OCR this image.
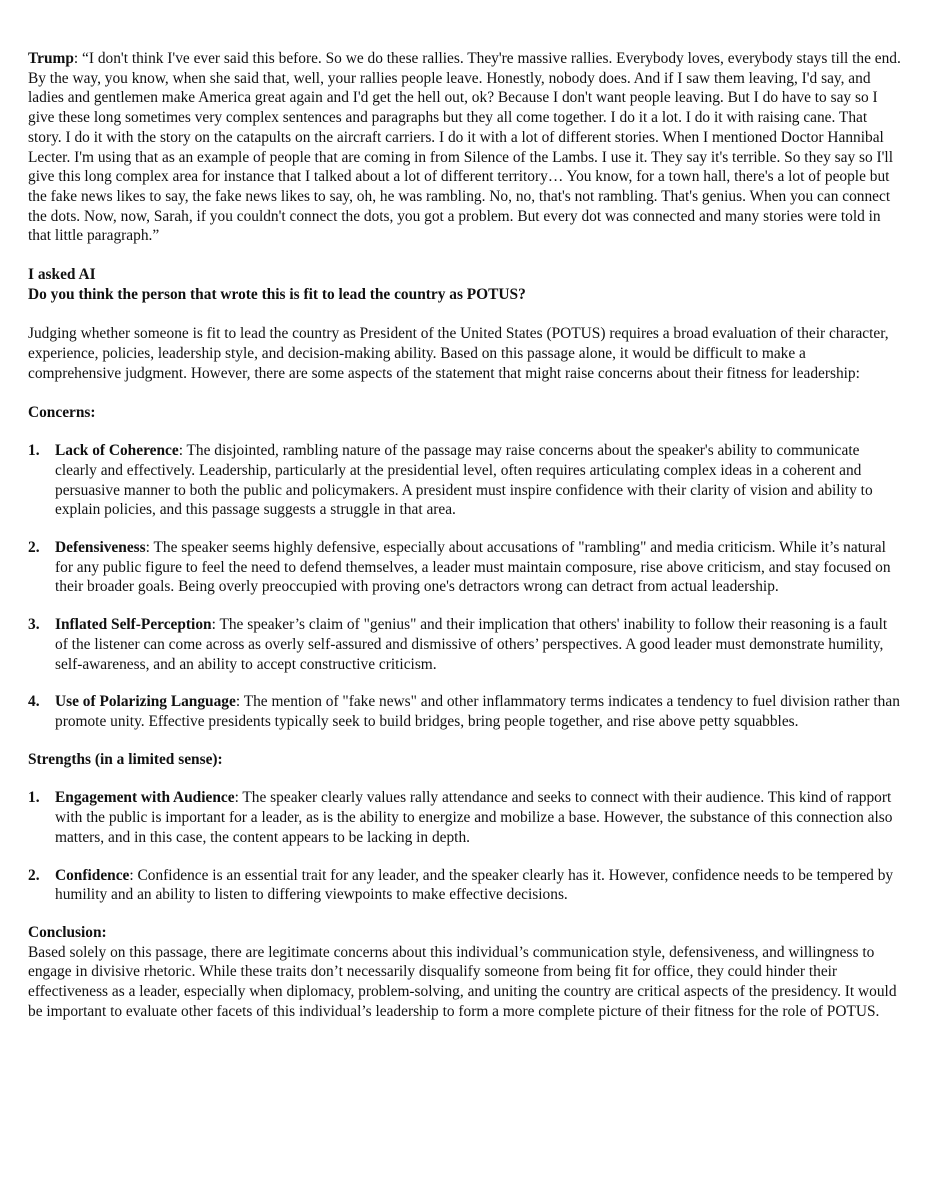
Trump: “I don't think I've ever said this before. So we do these rallies. They're massive rallies. Everybody loves, everybody stays till the end. By the way, you know, when she said that, well, your rallies people leave. Honestly, nobody does. And if I saw them leaving, I'd say, and ladies and gentlemen make America great again and I'd get the hell out, ok? Because I don't want people leaving. But I do have to say so I give these long sometimes very complex sentences and paragraphs but they all come together. I do it a lot. I do it with raising cane. That story. I do it with the story on the catapults on the aircraft carriers. I do it with a lot of different stories. When I mentioned Doctor Hannibal Lecter. I'm using that as an example of people that are coming in from Silence of the Lambs. I use it. They say it's terrible. So they say so I'll give this long complex area for instance that I talked about a lot of different territory… You know, for a town hall, there's a lot of people but the fake news likes to say, the fake news likes to say, oh, he was rambling. No, no, that's not rambling. That's genius. When you can connect the dots. Now, now, Sarah, if you couldn't connect the dots, you got a problem. But every dot was connected and many stories were told in that little paragraph.”

I asked AI
Do you think the person that wrote this is fit to lead the country as POTUS?

Judging whether someone is fit to lead the country as President of the United States (POTUS) requires a broad evaluation of their character, experience, policies, leadership style, and decision-making ability. Based on this passage alone, it would be difficult to make a comprehensive judgment. However, there are some aspects of the statement that might raise concerns about their fitness for leadership:

Concerns:

1. Lack of Coherence: The disjointed, rambling nature of the passage may raise concerns about the speaker's ability to communicate clearly and effectively. Leadership, particularly at the presidential level, often requires articulating complex ideas in a coherent and persuasive manner to both the public and policymakers. A president must inspire confidence with their clarity of vision and ability to explain policies, and this passage suggests a struggle in that area.
2. Defensiveness: The speaker seems highly defensive, especially about accusations of "rambling" and media criticism. While it’s natural for any public figure to feel the need to defend themselves, a leader must maintain composure, rise above criticism, and stay focused on their broader goals. Being overly preoccupied with proving one's detractors wrong can detract from actual leadership.
3. Inflated Self-Perception: The speaker’s claim of "genius" and their implication that others' inability to follow their reasoning is a fault of the listener can come across as overly self-assured and dismissive of others’ perspectives. A good leader must demonstrate humility, self-awareness, and an ability to accept constructive criticism.
4. Use of Polarizing Language: The mention of "fake news" and other inflammatory terms indicates a tendency to fuel division rather than promote unity. Effective presidents typically seek to build bridges, bring people together, and rise above petty squabbles.

Strengths (in a limited sense):

1. Engagement with Audience: The speaker clearly values rally attendance and seeks to connect with their audience. This kind of rapport with the public is important for a leader, as is the ability to energize and mobilize a base. However, the substance of this connection also matters, and in this case, the content appears to be lacking in depth.
2. Confidence: Confidence is an essential trait for any leader, and the speaker clearly has it. However, confidence needs to be tempered by humility and an ability to listen to differing viewpoints to make effective decisions.

Conclusion:

Based solely on this passage, there are legitimate concerns about this individual’s communication style, defensiveness, and willingness to engage in divisive rhetoric. While these traits don’t necessarily disqualify someone from being fit for office, they could hinder their effectiveness as a leader, especially when diplomacy, problem-solving, and uniting the country are critical aspects of the presidency. It would be important to evaluate other facets of this individual’s leadership to form a more complete picture of their fitness for the role of POTUS.
